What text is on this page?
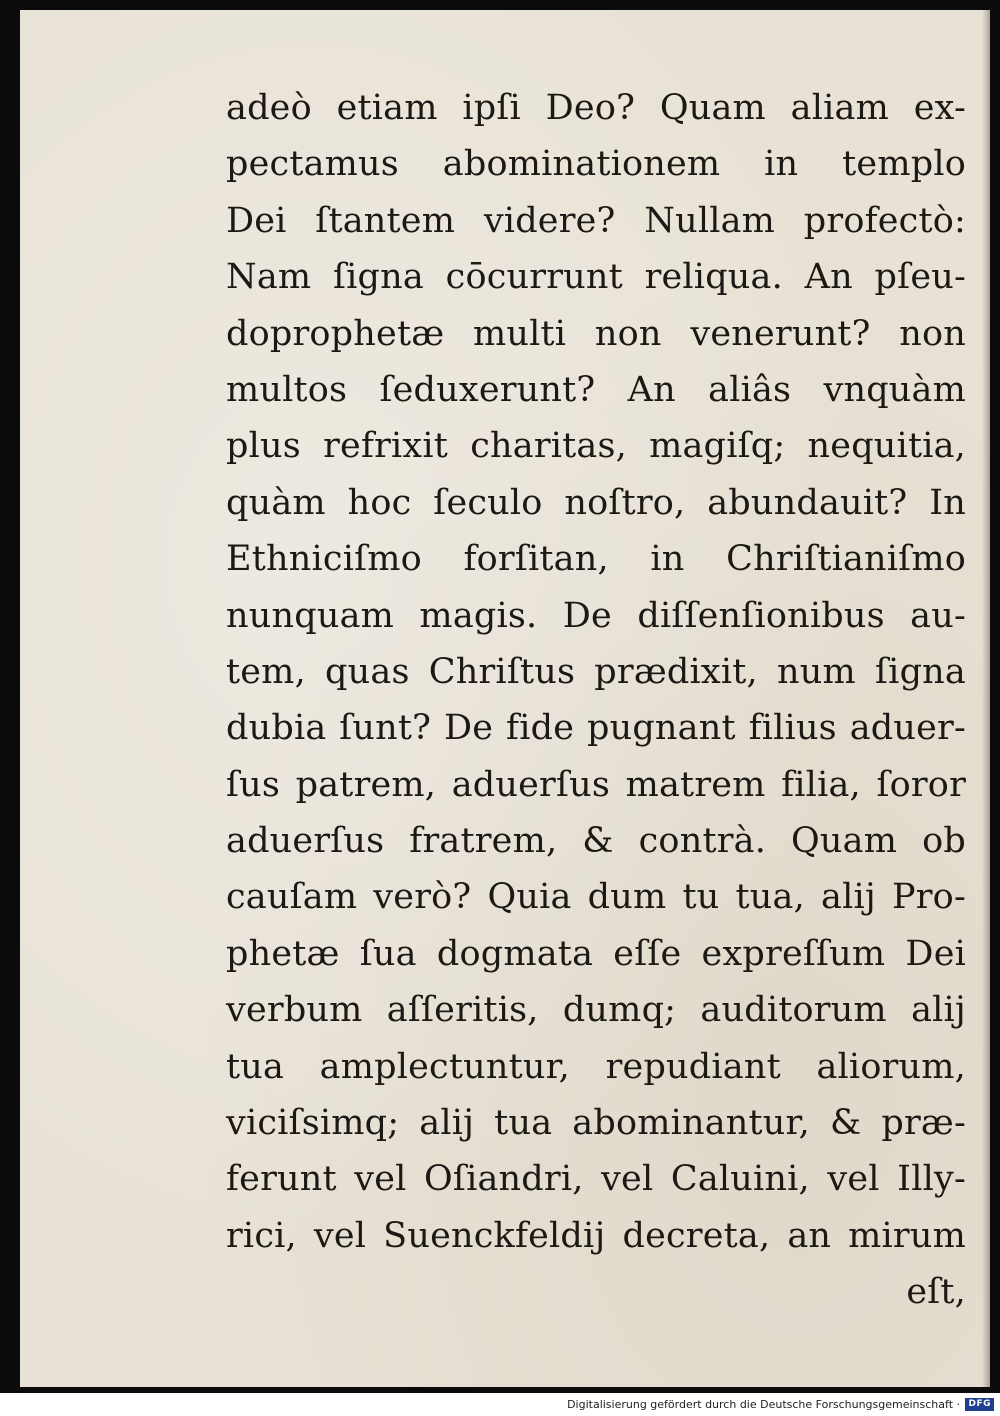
adeò etiam ipſi Deo? Quam aliam ex-
pectamus abominationem in templo
Dei ſtantem videre? Nullam profectò:
Nam ſigna cōcurrunt reliqua. An pſeu-
doprophetæ multi non venerunt? non
multos ſeduxerunt? An aliâs vnquàm
plus refrixit charitas, magiſq; nequitia,
quàm hoc ſeculo noſtro, abundauit? In
Ethniciſmo forſitan, in Chriſtianiſmo
nunquam magis. De diſſenſionibus au-
tem, quas Chriſtus prædixit, num ſigna
dubia ſunt? De fide pugnant filius aduer-
ſus patrem, aduerſus matrem filia, ſoror
aduerſus fratrem, & contrà. Quam ob
cauſam verò? Quia dum tu tua, alij Pro-
phetæ ſua dogmata eſſe expreſſum Dei
verbum aſſeritis, dumq; auditorum alij
tua amplectuntur, repudiant aliorum,
viciſsimq; alij tua abominantur, & præ-
ferunt vel Oſiandri, vel Caluini, vel Illy-
rici, vel Suenckfeldij decreta, an mirum
eſt,
Digitalisierung gefördert durch die Deutsche Forschungsgemeinschaft · DFG
